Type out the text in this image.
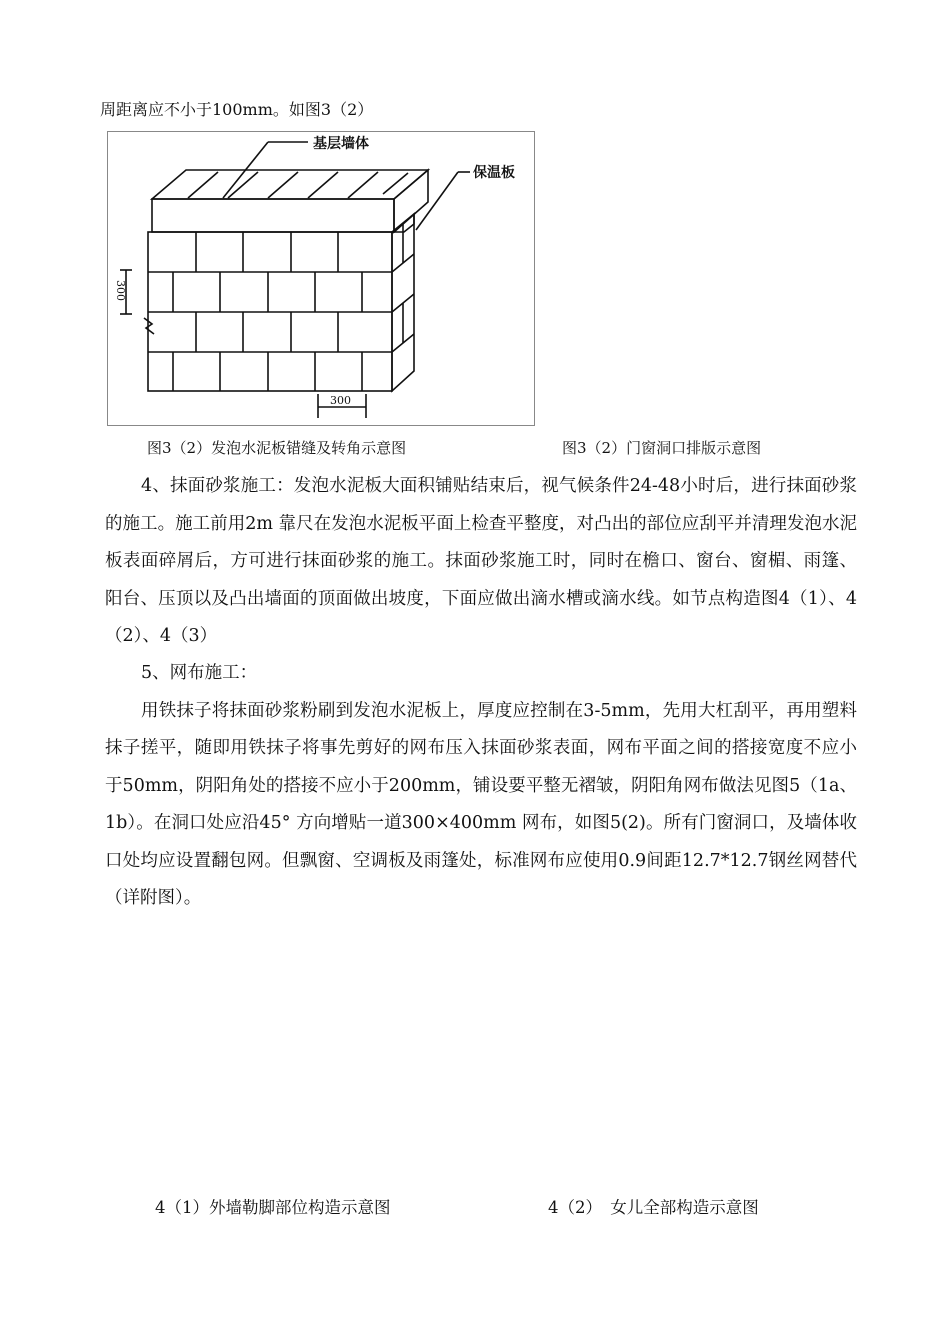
周距离应不小于100mm。如图3（2）
基层墙体
保温板
300
300
图3（2）发泡水泥板错缝及转角示意图	图3（2）门窗洞口排版示意图

4、抹面砂浆施工：发泡水泥板大面积铺贴结束后，视气候条件24-48小时后，进行抹面砂浆的施工。施工前用2m 靠尺在发泡水泥板平面上检查平整度，对凸出的部位应刮平并清理发泡水泥板表面碎屑后，方可进行抹面砂浆的施工。抹面砂浆施工时，同时在檐口、窗台、窗楣、雨篷、阳台、压顶以及凸出墙面的顶面做出坡度，下面应做出滴水槽或滴水线。如节点构造图4（1）、4（2）、4（3）

5、网布施工：

用铁抹子将抹面砂浆粉刷到发泡水泥板上，厚度应控制在3-5mm，先用大杠刮平，再用塑料抹子搓平，随即用铁抹子将事先剪好的网布压入抹面砂浆表面，网布平面之间的搭接宽度不应小于50mm，阴阳角处的搭接不应小于200mm，铺设要平整无褶皱，阴阳角网布做法见图5（1a、1b）。在洞口处应沿45° 方向增贴一道300×400mm 网布，如图5(2)。所有门窗洞口，及墙体收口处均应设置翻包网。但飘窗、空调板及雨篷处，标准网布应使用0.9间距12.7*12.7钢丝网替代（详附图）。

4（1）外墙勒脚部位构造示意图	4（2）　女儿全部构造示意图
